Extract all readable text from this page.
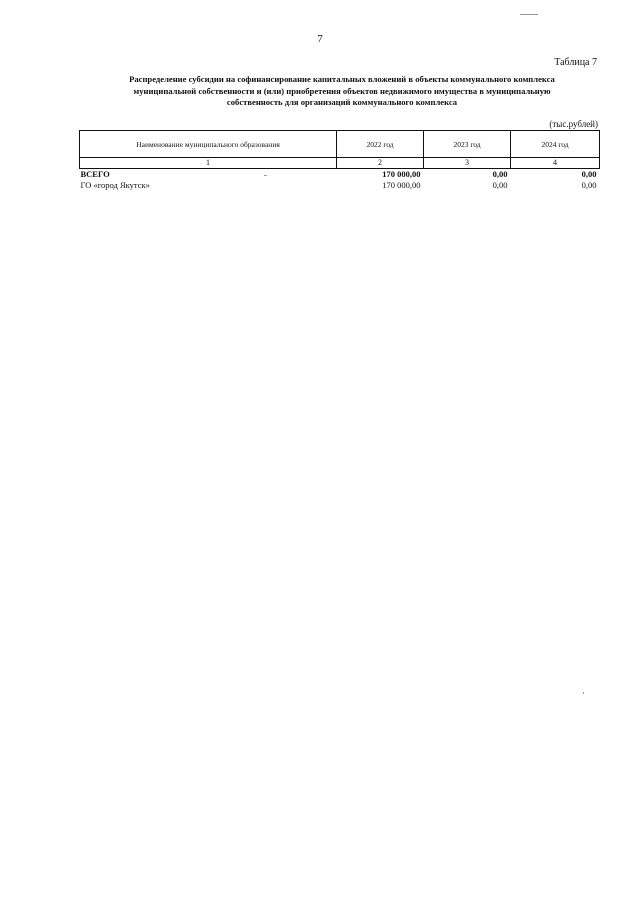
7
Таблица 7
Распределение субсидии на софинансирование капитальных вложений в объекты коммунального комплекса
муниципальной собственности и (или) приобретения объектов недвижимого имущества в муниципальную
собственность для организаций коммунального комплекса
(тыс.рублей)
Наименование муниципального образования	2022 год	2023 год	2024 год
1	2	3	4
ВСЕГО	170 000,00	0,00	0,00
ГО «город Якутск»	170 000,00	0,00	0,00
